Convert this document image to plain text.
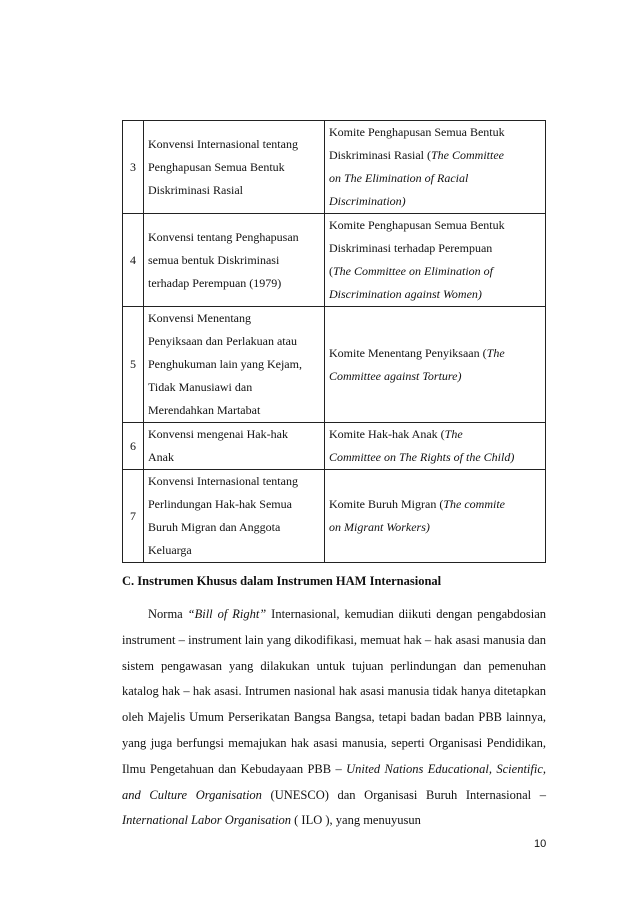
3	Konvensi Internasional tentang
Penghapusan Semua Bentuk
Diskriminasi Rasial	Komite Penghapusan Semua Bentuk
Diskriminasi Rasial (The Committee
on The Elimination of Racial
Discrimination)
4	Konvensi tentang Penghapusan
semua bentuk Diskriminasi
terhadap Perempuan (1979)	Komite Penghapusan Semua Bentuk
Diskriminasi terhadap Perempuan
(The Committee on Elimination of
Discrimination against Women)
5	Konvensi Menentang
Penyiksaan dan Perlakuan atau
Penghukuman lain yang Kejam,
Tidak Manusiawi dan
Merendahkan Martabat	Komite Menentang Penyiksaan (The
Committee against Torture)
6	Konvensi mengenai Hak-hak
Anak	Komite Hak-hak Anak (The
Committee on The Rights of the Child)
7	Konvensi Internasional tentang
Perlindungan Hak-hak Semua
Buruh Migran dan Anggota
Keluarga	Komite Buruh Migran (The commite
on Migrant Workers)

C. Instrumen Khusus dalam Instrumen HAM Internasional

Norma “Bill of Right” Internasional, kemudian diikuti dengan pengabdosian instrument – instrument lain yang dikodifikasi, memuat hak – hak asasi manusia dan sistem pengawasan yang dilakukan untuk tujuan perlindungan dan pemenuhan katalog hak – hak asasi. Intrumen nasional hak asasi manusia tidak hanya ditetapkan oleh Majelis Umum Perserikatan Bangsa Bangsa, tetapi badan badan PBB lainnya, yang juga berfungsi memajukan hak asasi manusia, seperti Organisasi Pendidikan, Ilmu Pengetahuan dan Kebudayaan PBB – United Nations Educational, Scientific, and Culture Organisation (UNESCO) dan Organisasi Buruh Internasional – International Labor Organisation ( ILO ), yang menuyusun

10
